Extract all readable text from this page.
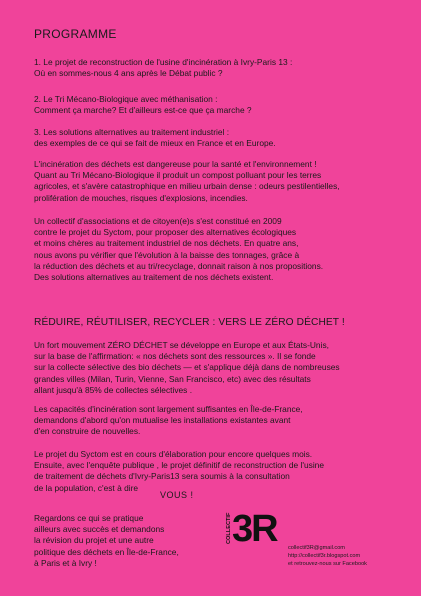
PROGRAMME

1. Le projet de reconstruction de l'usine d'incinération à Ivry-Paris 13 :

Où en sommes-nous 4 ans après le Débat public ?

2. Le Tri Mécano-Biologique avec méthanisation :

Comment ça marche? Et d'ailleurs est-ce que ça marche ?

3. Les solutions alternatives au traitement industriel :

des exemples de ce qui se fait de mieux en France et en Europe.

L'incinération des déchets est dangereuse pour la santé et l'environnement !

Quant au Tri Mécano-Biologique il produit un compost polluant pour les terres

agricoles, et s'avère catastrophique en milieu urbain dense : odeurs pestilentielles,

prolifération de mouches, risques d'explosions, incendies.

Un collectif d'associations et de citoyen(e)s s'est constitué en 2009

contre le projet du Syctom, pour proposer des alternatives écologiques

et moins chères au traitement industriel de nos déchets. En quatre ans,

nous avons pu vérifier que l'évolution à la baisse des tonnages, grâce à

la réduction des déchets et au tri/recyclage, donnait raison à nos propositions.

Des solutions alternatives au traitement de nos déchets existent.

RÉDUIRE, RÉUTILISER, RECYCLER : VERS LE ZÉRO DÉCHET !

Un fort mouvement ZÉRO DÉCHET se développe en Europe et aux États-Unis,

sur la base de l'affirmation: « nos déchets sont des ressources ». Il se fonde

sur la collecte sélective des bio déchets — et s'applique déjà dans de nombreuses

grandes villes (Milan, Turin, Vienne, San Francisco, etc) avec des résultats

allant jusqu'à 85% de collectes sélectives .

Les capacités d'incinération sont largement suffisantes en Île-de-France,

demandons d'abord qu'on mutualise les installations existantes avant

d'en construire de nouvelles.

Le projet du Syctom est en cours d'élaboration pour encore quelques mois.

Ensuite, avec l'enquête publique , le projet définitif de reconstruction de l'usine

de traitement de déchets d'Ivry-Paris13 sera soumis à la consultation

de la population, c'est à dire

VOUS !

Regardons ce qui se pratique

ailleurs avec succès et demandons

la révision du projet et une autre

politique des déchets en Île-de-France,

à Paris et à Ivry !

COLLECTIF 3R collectif3R@gmail.com http://collectif3r.blogspot.com

et retrouvez-nous sur Facebook
